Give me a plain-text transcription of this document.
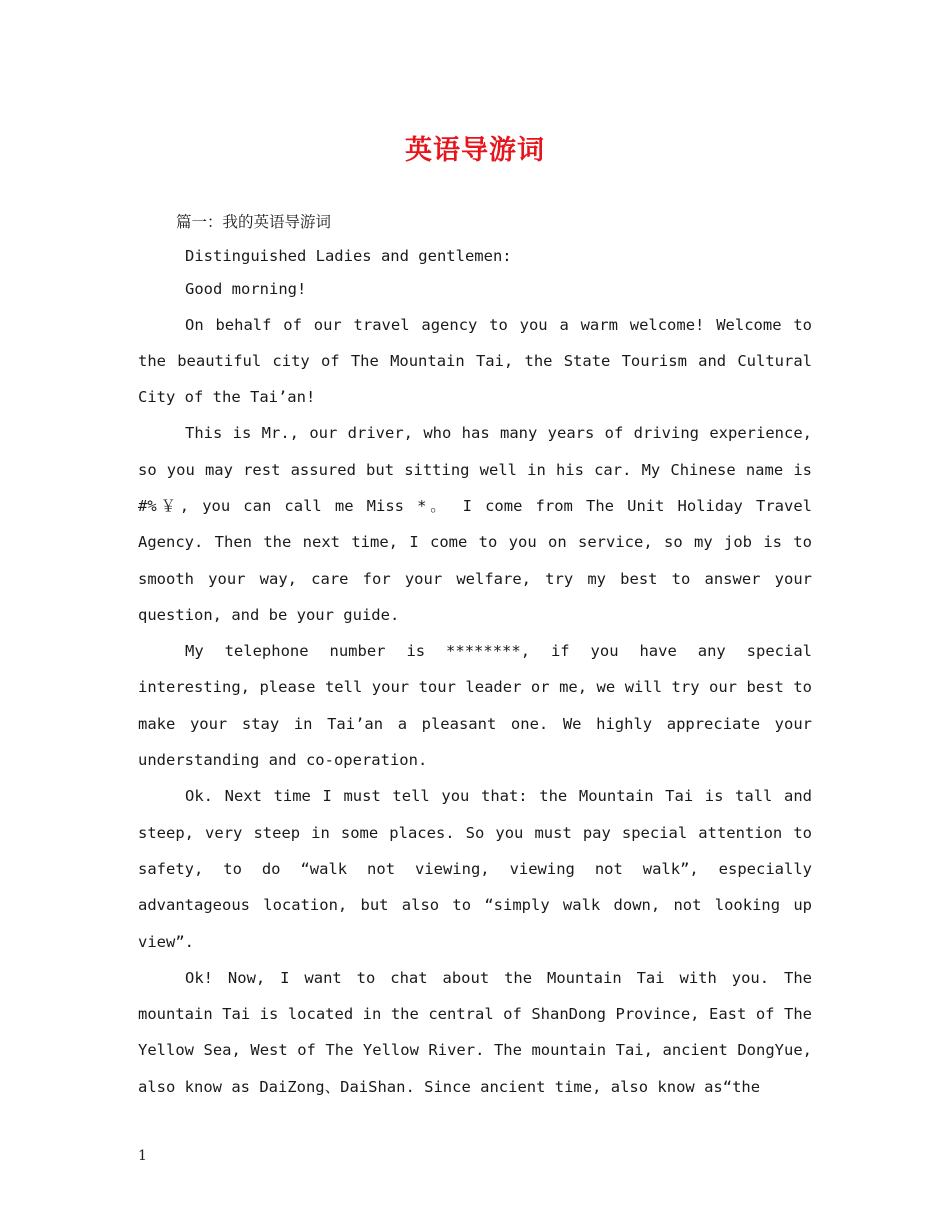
英语导游词

篇一：我的英语导游词

Distinguished Ladies and gentlemen:

Good morning!

On behalf of our travel agency to you a warm welcome! Welcome to the beautiful city of The Mountain Tai, the State Tourism and Cultural City of the Tai’an!

This is Mr., our driver, who has many years of driving experience, so you may rest assured but sitting well in his car. My Chinese name is #%￥, you can call me Miss *。 I come from The Unit Holiday Travel Agency. Then the next time, I come to you on service, so my job is to smooth your way, care for your welfare, try my best to answer your question, and be your guide.

My telephone number is ********, if you have any special interesting, please tell your tour leader or me, we will try our best to make your stay in Tai’an a pleasant one. We highly appreciate your understanding and co-operation.

Ok. Next time I must tell you that: the Mountain Tai is tall and steep, very steep in some places. So you must pay special attention to safety, to do “walk not viewing, viewing not walk”, especially advantageous location, but also to “simply walk down, not looking up view”.

Ok! Now, I want to chat about the Mountain Tai with you. The mountain Tai is located in the central of ShanDong Province, East of The Yellow Sea, West of The Yellow River. The mountain Tai, ancient DongYue, also know as DaiZong、DaiShan. Since ancient time, also know as“the

1
